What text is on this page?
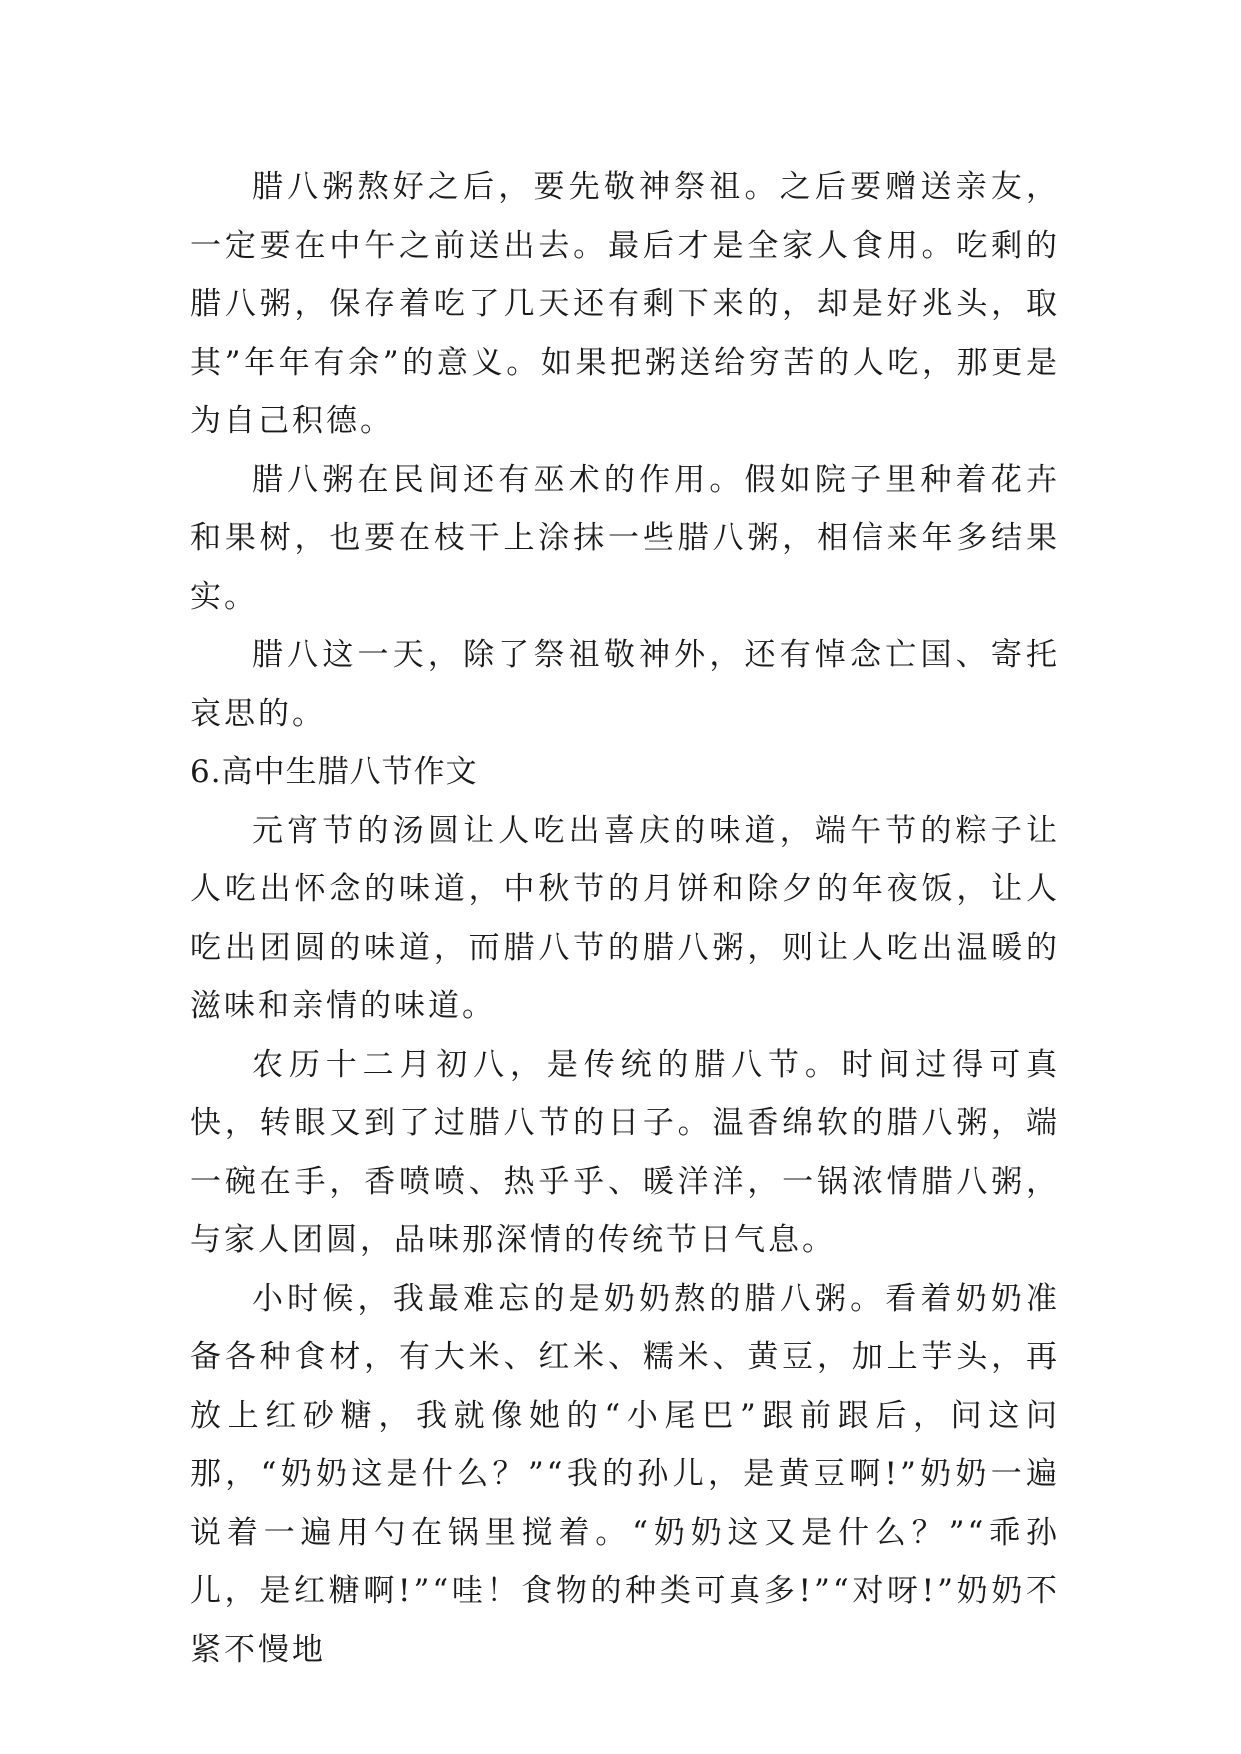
腊八粥熬好之后，要先敬神祭祖。之后要赠送亲友，一定要在中午之前送出去。最后才是全家人食用。吃剩的腊八粥，保存着吃了几天还有剩下来的，却是好兆头，取其”年年有余”的意义。如果把粥送给穷苦的人吃，那更是为自己积德。

腊八粥在民间还有巫术的作用。假如院子里种着花卉和果树，也要在枝干上涂抹一些腊八粥，相信来年多结果实。

腊八这一天，除了祭祖敬神外，还有悼念亡国、寄托哀思的。

6.高中生腊八节作文

元宵节的汤圆让人吃出喜庆的味道，端午节的粽子让人吃出怀念的味道，中秋节的月饼和除夕的年夜饭，让人吃出团圆的味道，而腊八节的腊八粥，则让人吃出温暖的滋味和亲情的味道。

农历十二月初八，是传统的腊八节。时间过得可真快，转眼又到了过腊八节的日子。温香绵软的腊八粥，端一碗在手，香喷喷、热乎乎、暖洋洋，一锅浓情腊八粥，与家人团圆，品味那深情的传统节日气息。

小时候，我最难忘的是奶奶熬的腊八粥。看着奶奶准备各种食材，有大米、红米、糯米、黄豆，加上芋头，再放上红砂糖，我就像她的“小尾巴”跟前跟后，问这问那，“奶奶这是什么？”“我的孙儿，是黄豆啊!”奶奶一遍说着一遍用勺在锅里搅着。“奶奶这又是什么？”“乖孙儿，是红糖啊!”“哇！食物的种类可真多!”“对呀!”奶奶不紧不慢地
